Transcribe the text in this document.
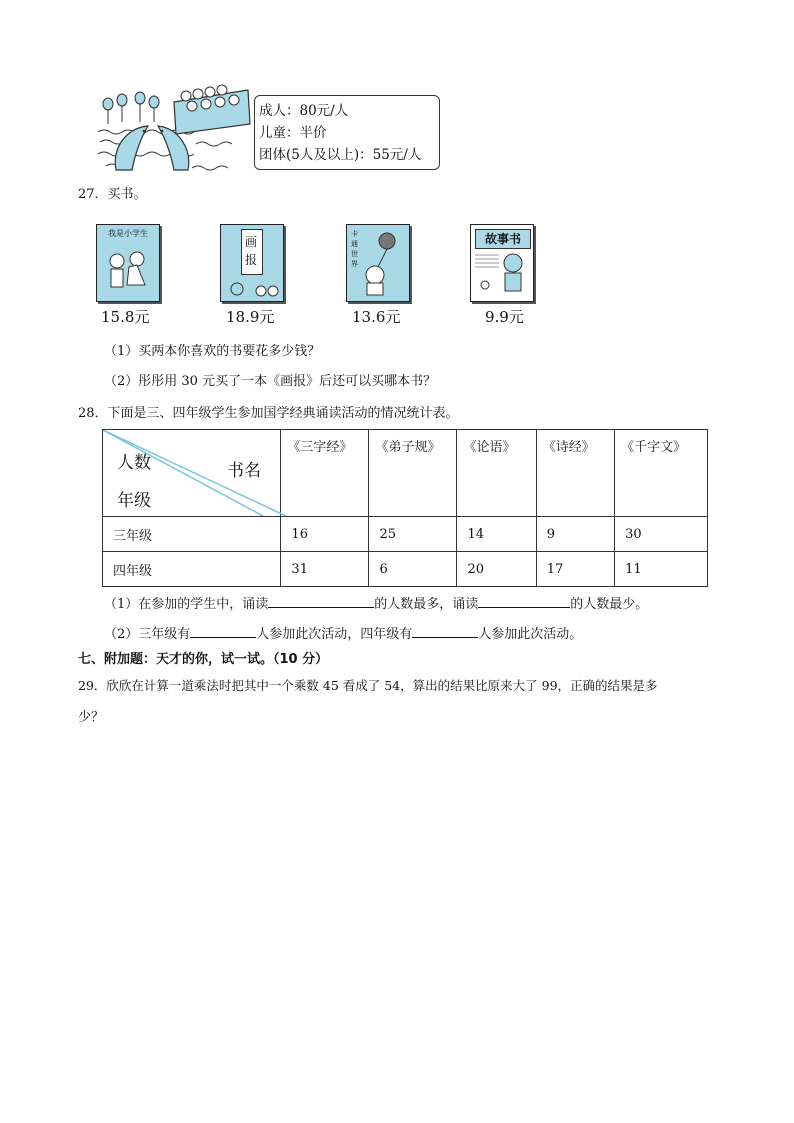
成人：80元/人
儿童：半价
团体(5人及以上)：55元/人
27．买书。
我是小学生
15.8元
画报
18.9元
卡通世界
13.6元
故事书
9.9元
（1）买两本你喜欢的书要花多少钱？
（2）彤彤用 30 元买了一本《画报》后还可以买哪本书？
28．下面是三、四年级学生参加国学经典诵读活动的情况统计表。
人数 书名
年级	《三字经》	《弟子规》	《论语》	《诗经》	《千字文》
三年级	16	25	14	9	30
四年级	31	6	20	17	11
（1）在参加的学生中，诵读	的人数最多，诵读	的人数最少。
（2）三年级有	人参加此次活动，四年级有	人参加此次活动。
七、附加题：天才的你，试一试。（10 分）
29．欣欣在计算一道乘法时把其中一个乘数 45 看成了 54，算出的结果比原来大了 99，正确的结果是多
少？
